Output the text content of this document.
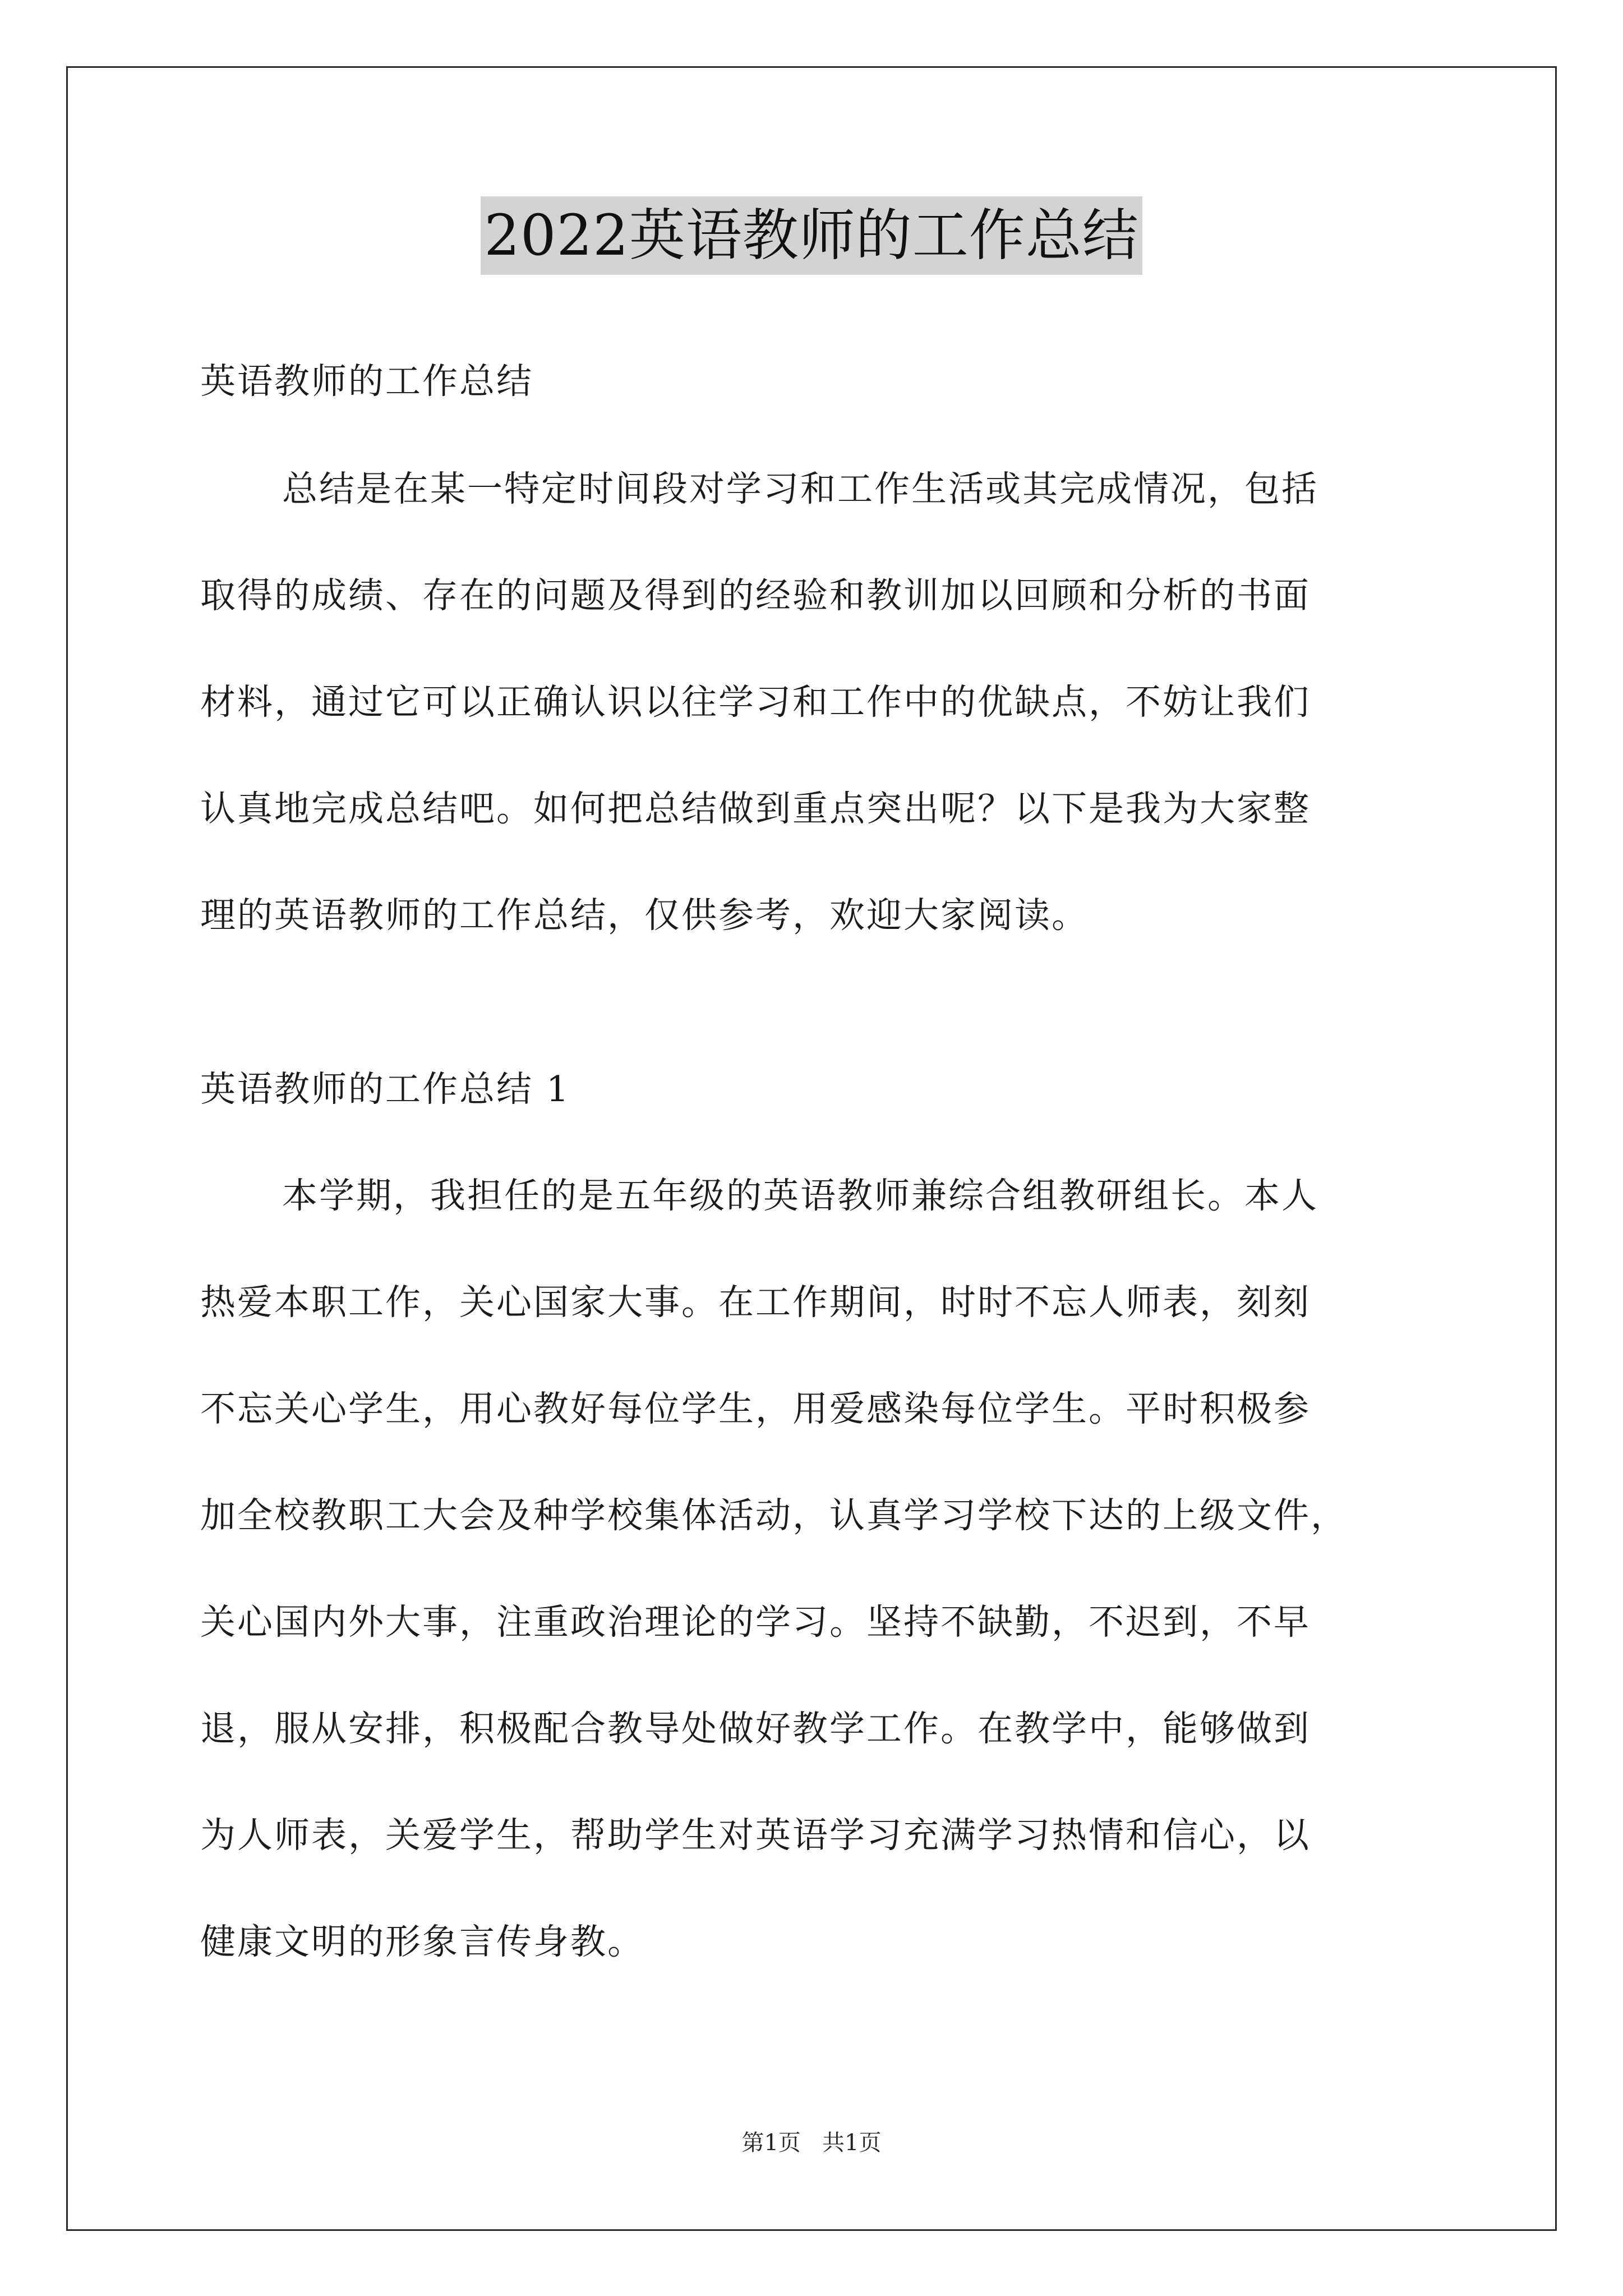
2022英语教师的工作总结
英语教师的工作总结
总结是在某一特定时间段对学习和工作生活或其完成情况，包括
取得的成绩、存在的问题及得到的经验和教训加以回顾和分析的书面
材料，通过它可以正确认识以往学习和工作中的优缺点，不妨让我们
认真地完成总结吧。如何把总结做到重点突出呢？以下是我为大家整
理的英语教师的工作总结，仅供参考，欢迎大家阅读。
英语教师的工作总结 1
本学期，我担任的是五年级的英语教师兼综合组教研组长。本人
热爱本职工作，关心国家大事。在工作期间，时时不忘人师表，刻刻
不忘关心学生，用心教好每位学生，用爱感染每位学生。平时积极参
加全校教职工大会及种学校集体活动，认真学习学校下达的上级文件，
关心国内外大事，注重政治理论的学习。坚持不缺勤，不迟到，不早
退，服从安排，积极配合教导处做好教学工作。在教学中，能够做到
为人师表，关爱学生，帮助学生对英语学习充满学习热情和信心，以
健康文明的形象言传身教。
第1页   共1页
